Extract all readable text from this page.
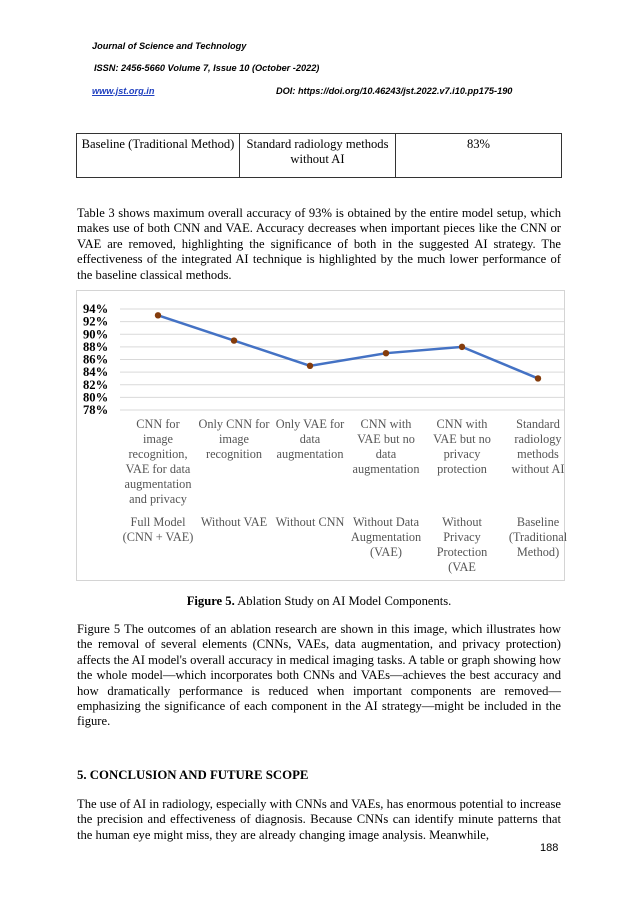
Journal of Science and Technology
ISSN: 2456-5660 Volume 7, Issue 10 (October -2022)
www.jst.org.in	DOI: https://doi.org/10.46243/jst.2022.v7.i10.pp175-190
Baseline (Traditional Method)	Standard radiology methods without AI	83%
Table 3 shows maximum overall accuracy of 93% is obtained by the entire model setup, which makes use of both CNN and VAE. Accuracy decreases when important pieces like the CNN or VAE are removed, highlighting the significance of both in the suggested AI strategy. The effectiveness of the integrated AI technique is highlighted by the much lower performance of the baseline classical methods.
94%
92%
90%
88%
86%
84%
82%
80%
78%
CNN for
image
recognition,
VAE for data
augmentation
and privacy
Only CNN for
image
recognition
Only VAE for
data
augmentation
CNN with
VAE but no
data
augmentation
CNN with
VAE but no
privacy
protection
Standard
radiology
methods
without AI
Full Model
(CNN + VAE)
Without VAE Without CNN Without Data
Augmentation
(VAE)
Without
Privacy
Protection
(VAE
Baseline
(Traditional
Method)
Figure 5. Ablation Study on AI Model Components.
Figure 5 The outcomes of an ablation research are shown in this image, which illustrates how the removal of several elements (CNNs, VAEs, data augmentation, and privacy protection) affects the AI model's overall accuracy in medical imaging tasks. A table or graph showing how the whole model—which incorporates both CNNs and VAEs—achieves the best accuracy and how dramatically performance is reduced when important components are removed—emphasizing the significance of each component in the AI strategy—might be included in the figure.
5. CONCLUSION AND FUTURE SCOPE
The use of AI in radiology, especially with CNNs and VAEs, has enormous potential to increase the precision and effectiveness of diagnosis. Because CNNs can identify minute patterns that the human eye might miss, they are already changing image analysis. Meanwhile,
188
